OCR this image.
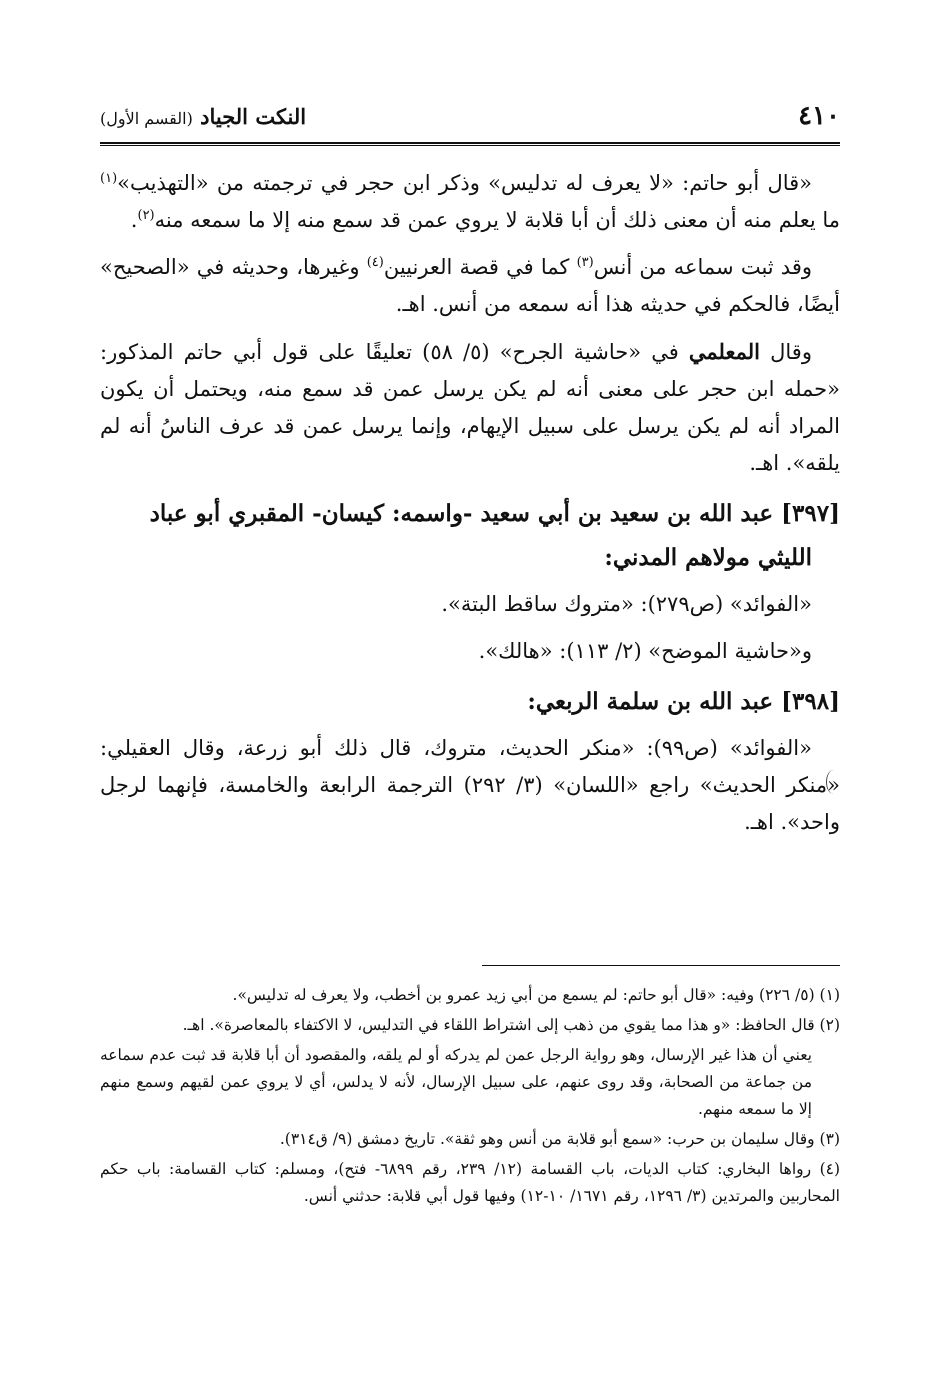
٤١٠
النكت الجياد (القسم الأول)

«قال أبو حاتم: «لا يعرف له تدليس» وذكر ابن حجر في ترجمته من «التهذيب»$^{(١)}$ ما يعلم منه أن معنى ذلك أن أبا قلابة لا يروي عمن قد سمع منه إلا ما سمعه منه$^{(٢)}$.

وقد ثبت سماعه من أنس$^{(٣)}$ كما في قصة العرنيين$^{(٤)}$ وغيرها، وحديثه في «الصحيح» أيضًا، فالحكم في حديثه هذا أنه سمعه من أنس. اهـ.

وقال المعلمي في «حاشية الجرح» (٥/ ٥٨) تعليقًا على قول أبي حاتم المذكور: «حمله ابن حجر على معنى أنه لم يكن يرسل عمن قد سمع منه، ويحتمل أن يكون المراد أنه لم يكن يرسل على سبيل الإيهام، وإنما يرسل عمن قد عرف الناسُ أنه لم يلقه». اهـ.

[٣٩٧] عبد الله بن سعيد بن أبي سعيد -واسمه: كيسان- المقبري أبو عباد
الليثي مولاهم المدني:

«الفوائد» (ص٢٧٩): «متروك ساقط البتة».

و«حاشية الموضح» (٢/ ١١٣): «هالك».

[٣٩٨] عبد الله بن سلمة الربعي:

«الفوائد» (ص٩٩): «منكر الحديث، متروك، قال ذلك أبو زرعة، وقال العقيلي: «منكر الحديث» راجع «اللسان» (٣/ ٢٩٢) الترجمة الرابعة والخامسة، فإنهما لرجل واحد». اهـ.

(١) (٥/ ٢٢٦) وفيه: «قال أبو حاتم: لم يسمع من أبي زيد عمرو بن أخطب، ولا يعرف له تدليس».

(٢) قال الحافظ: «و هذا مما يقوي من ذهب إلى اشتراط اللقاء في التدليس، لا الاكتفاء بالمعاصرة». اهـ.

يعني أن هذا غير الإرسال، وهو رواية الرجل عمن لم يدركه أو لم يلقه، والمقصود أن أبا قلابة قد ثبت عدم سماعه من جماعة من الصحابة، وقد روى عنهم، على سبيل الإرسال، لأنه لا يدلس، أي لا يروي عمن لقيهم وسمع منهم إلا ما سمعه منهم.

(٣) وقال سليمان بن حرب: «سمع أبو قلابة من أنس وهو ثقة». تاريخ دمشق (٩/ ق٣١٤).

(٤) رواها البخاري: كتاب الديات، باب القسامة (١٢/ ٢٣٩، رقم ٦٨٩٩- فتح)، ومسلم: كتاب القسامة: باب حكم المحاربين والمرتدين (٣/ ١٢٩٦، رقم ١٦٧١/ ١٠-١٢) وفيها قول أبي قلابة: حدثني أنس.
